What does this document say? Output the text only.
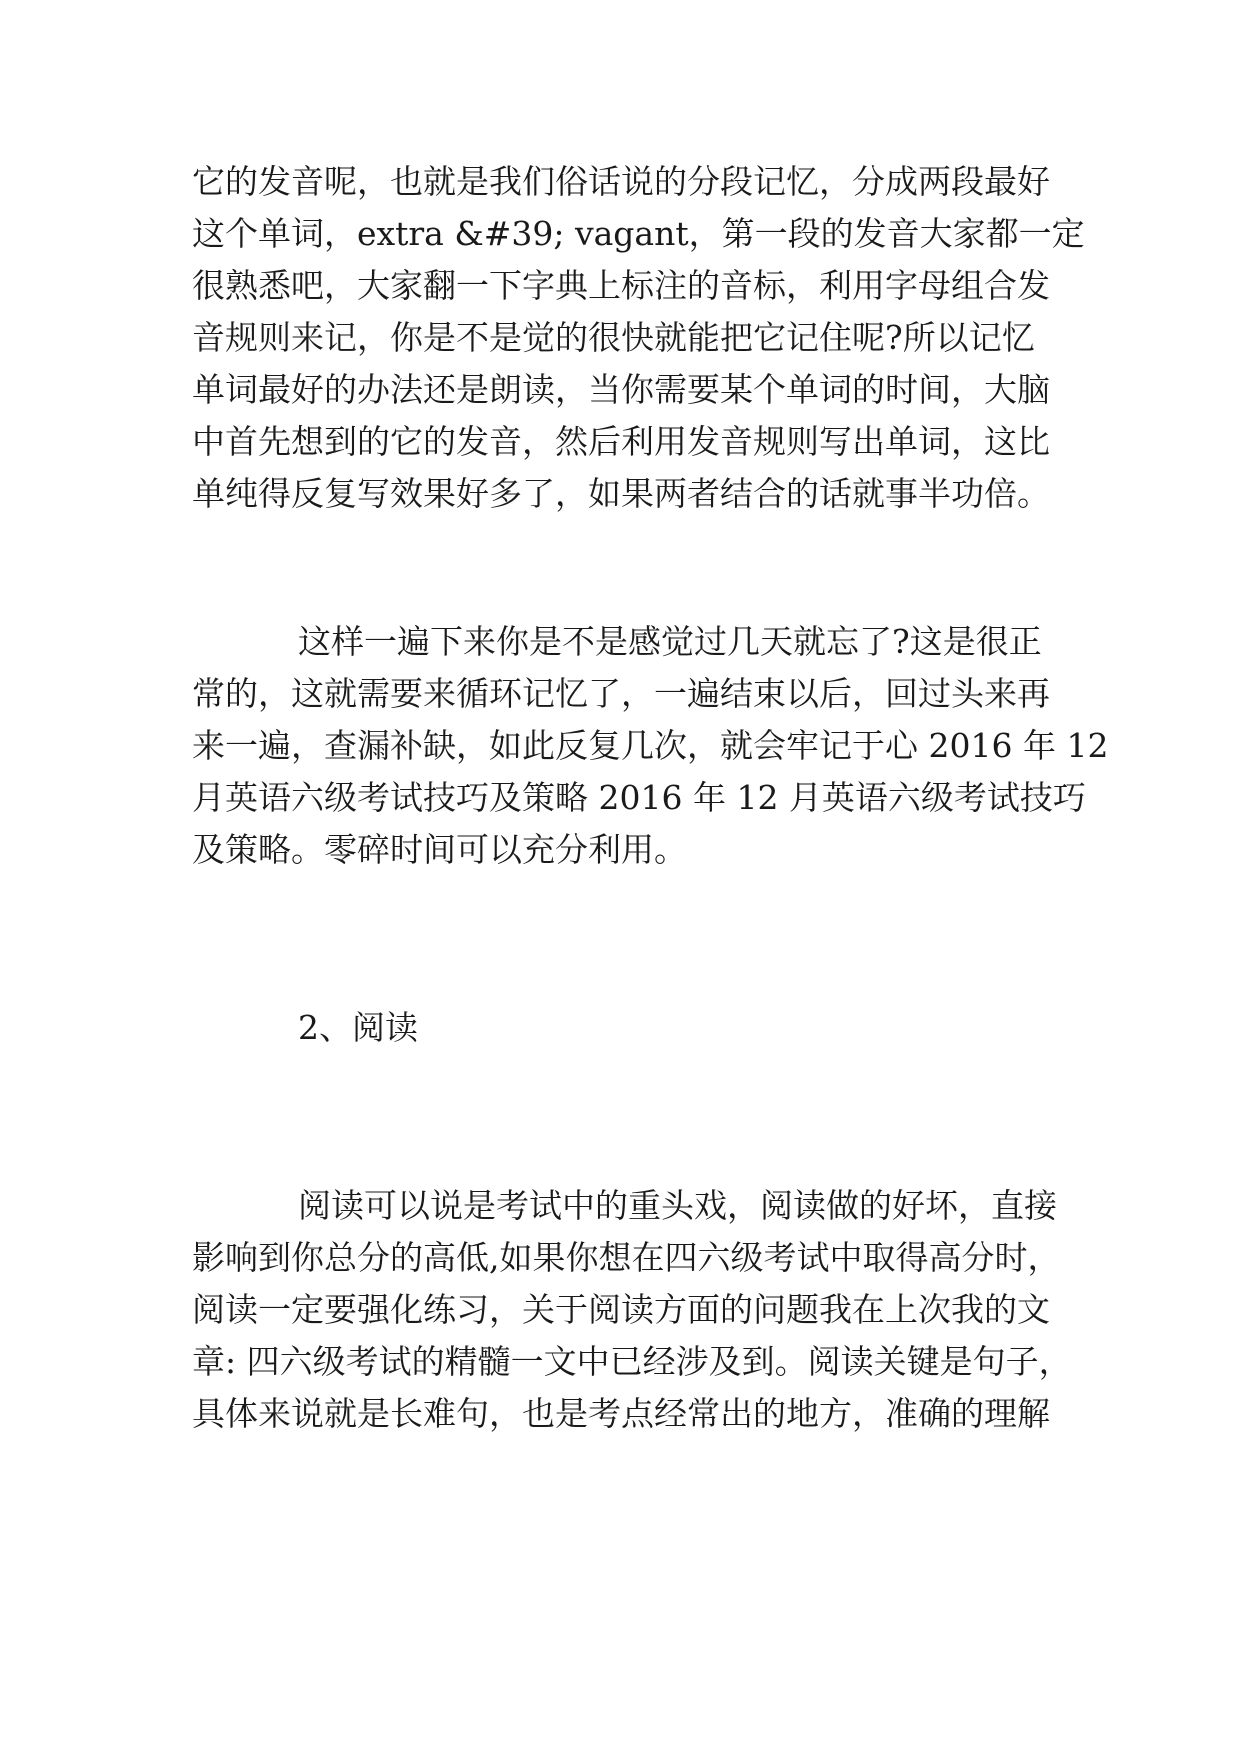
它的发音呢，也就是我们俗话说的分段记忆，分成两段最好
这个单词，extra &#39; vagant，第一段的发音大家都一定
很熟悉吧，大家翻一下字典上标注的音标，利用字母组合发
音规则来记，你是不是觉的很快就能把它记住呢?所以记忆
单词最好的办法还是朗读，当你需要某个单词的时间，大脑
中首先想到的它的发音，然后利用发音规则写出单词，这比
单纯得反复写效果好多了，如果两者结合的话就事半功倍。
这样一遍下来你是不是感觉过几天就忘了?这是很正
常的，这就需要来循环记忆了，一遍结束以后，回过头来再
来一遍，查漏补缺，如此反复几次，就会牢记于心 2016 年 12
月英语六级考试技巧及策略 2016 年 12 月英语六级考试技巧
及策略。零碎时间可以充分利用。
2、阅读
阅读可以说是考试中的重头戏，阅读做的好坏，直接
影响到你总分的高低,如果你想在四六级考试中取得高分时，
阅读一定要强化练习，关于阅读方面的问题我在上次我的文
章: 四六级考试的精髓一文中已经涉及到。阅读关键是句子，
具体来说就是长难句，也是考点经常出的地方，准确的理解
